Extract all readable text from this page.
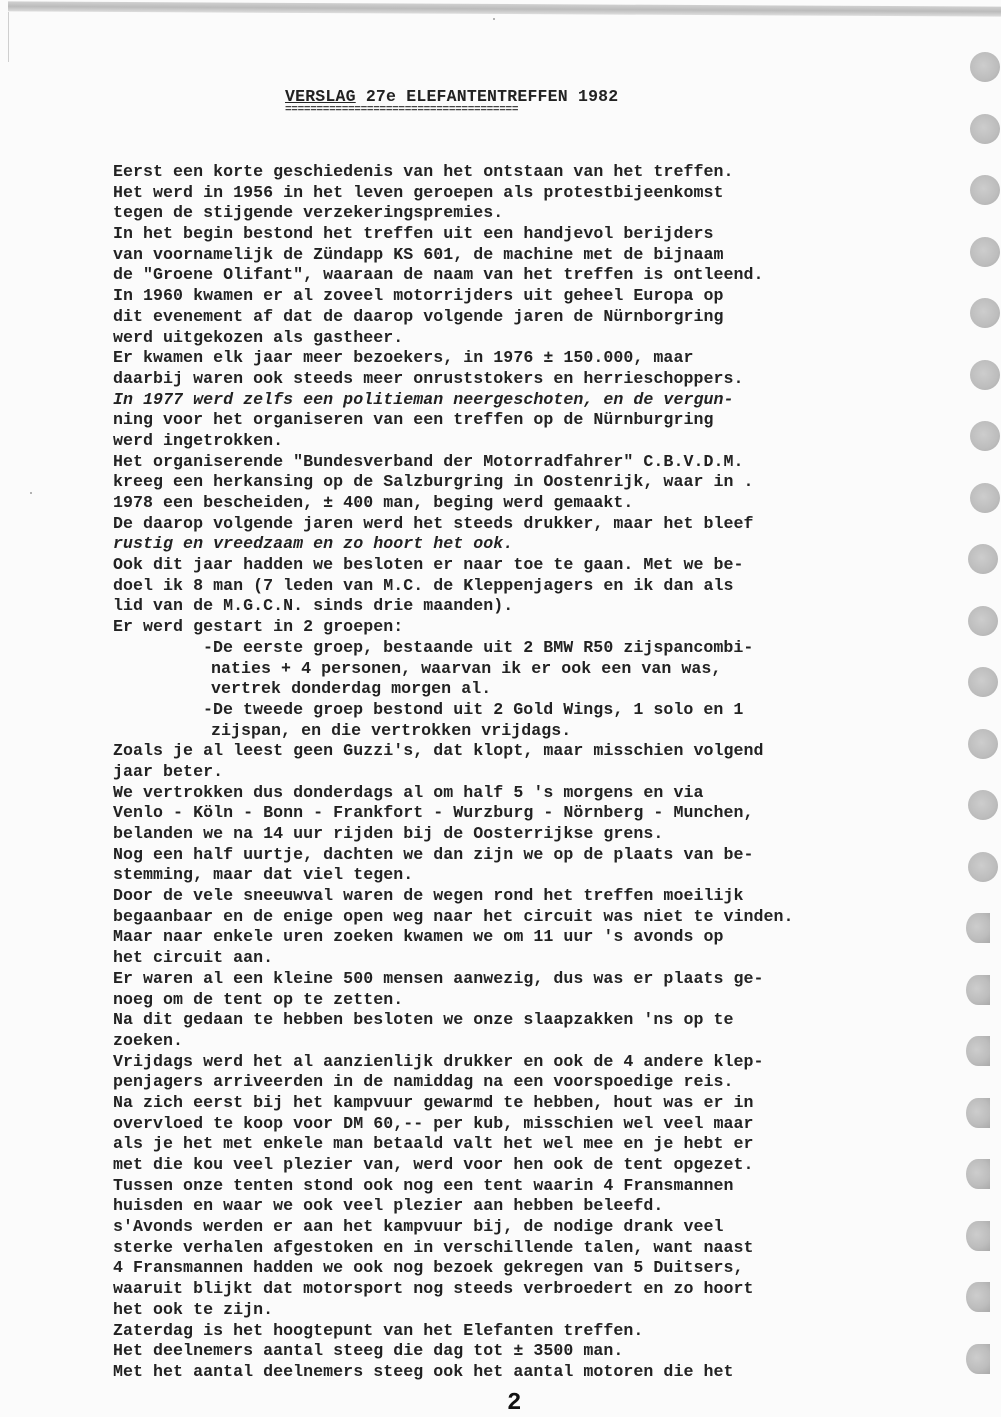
VERSLAG 27e ELEFANTENTREFFEN 1982
=====================================
Eerst een korte geschiedenis van het ontstaan van het treffen.
Het werd in 1956 in het leven geroepen als protestbijeenkomst
tegen de stijgende verzekeringspremies.
In het begin bestond het treffen uit een handjevol berijders
van voornamelijk de Zündapp KS 601, de machine met de bijnaam
de "Groene Olifant", waaraan de naam van het treffen is ontleend.
In 1960 kwamen er al zoveel motorrijders uit geheel Europa op
dit evenement af dat de daarop volgende jaren de Nürnborgring
werd uitgekozen als gastheer.
Er kwamen elk jaar meer bezoekers, in 1976 ± 150.000, maar
daarbij waren ook steeds meer onruststokers en herrieschoppers.
In 1977 werd zelfs een politieman neergeschoten, en de vergun-
ning voor het organiseren van een treffen op de Nürnburgring
werd ingetrokken.
Het organiserende "Bundesverband der Motorradfahrer" C.B.V.D.M.
kreeg een herkansing op de Salzburgring in Oostenrijk, waar in .
1978 een bescheiden, ± 400 man, beging werd gemaakt.
De daarop volgende jaren werd het steeds drukker, maar het bleef
rustig en vreedzaam en zo hoort het ook.
Ook dit jaar hadden we besloten er naar toe te gaan. Met we be-
doel ik 8 man (7 leden van M.C. de Kleppenjagers en ik dan als
lid van de M.G.C.N. sinds drie maanden).
Er werd gestart in 2 groepen:
-De eerste groep, bestaande uit 2 BMW R50 zijspancombi-
naties + 4 personen, waarvan ik er ook een van was,
vertrek donderdag morgen al.
-De tweede groep bestond uit 2 Gold Wings, 1 solo en 1
zijspan, en die vertrokken vrijdags.
Zoals je al leest geen Guzzi's, dat klopt, maar misschien volgend
jaar beter.
We vertrokken dus donderdags al om half 5 's morgens en via
Venlo - Köln - Bonn - Frankfort - Wurzburg - Nörnberg - Munchen,
belanden we na 14 uur rijden bij de Oosterrijkse grens.
Nog een half uurtje, dachten we dan zijn we op de plaats van be-
stemming, maar dat viel tegen.
Door de vele sneeuwval waren de wegen rond het treffen moeilijk
begaanbaar en de enige open weg naar het circuit was niet te vinden.
Maar naar enkele uren zoeken kwamen we om 11 uur 's avonds op
het circuit aan.
Er waren al een kleine 500 mensen aanwezig, dus was er plaats ge-
noeg om de tent op te zetten.
Na dit gedaan te hebben besloten we onze slaapzakken 'ns op te
zoeken.
Vrijdags werd het al aanzienlijk drukker en ook de 4 andere klep-
penjagers arriveerden in de namiddag na een voorspoedige reis.
Na zich eerst bij het kampvuur gewarmd te hebben, hout was er in
overvloed te koop voor DM 60,-- per kub, misschien wel veel maar
als je het met enkele man betaald valt het wel mee en je hebt er
met die kou veel plezier van, werd voor hen ook de tent opgezet.
Tussen onze tenten stond ook nog een tent waarin 4 Fransmannen
huisden en waar we ook veel plezier aan hebben beleefd.
s'Avonds werden er aan het kampvuur bij, de nodige drank veel
sterke verhalen afgestoken en in verschillende talen, want naast
4 Fransmannen hadden we ook nog bezoek gekregen van 5 Duitsers,
waaruit blijkt dat motorsport nog steeds verbroedert en zo hoort
het ook te zijn.
Zaterdag is het hoogtepunt van het Elefanten treffen.
Het deelnemers aantal steeg die dag tot ± 3500 man.
Met het aantal deelnemers steeg ook het aantal motoren die het
2
